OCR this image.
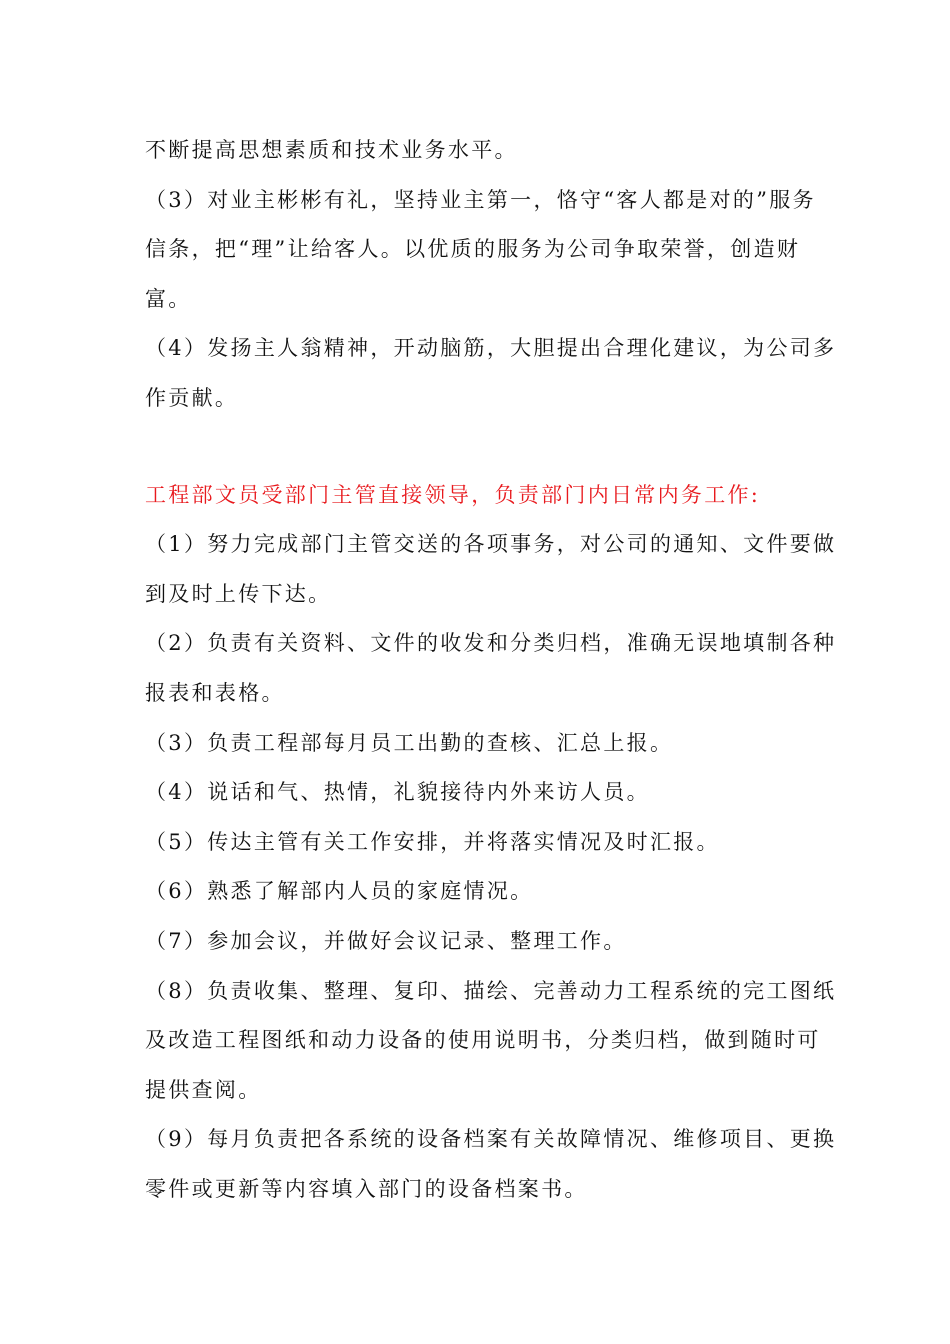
不断提高思想素质和技术业务水平。
（3）对业主彬彬有礼，坚持业主第一，恪守“客人都是对的”服务
信条，把“理”让给客人。以优质的服务为公司争取荣誉，创造财
富。
（4）发扬主人翁精神，开动脑筋，大胆提出合理化建议，为公司多
作贡献。
工程部文员受部门主管直接领导，负责部门内日常内务工作:
（1）努力完成部门主管交送的各项事务，对公司的通知、文件要做
到及时上传下达。
（2）负责有关资料、文件的收发和分类归档，准确无误地填制各种
报表和表格。
（3）负责工程部每月员工出勤的查核、汇总上报。
（4）说话和气、热情，礼貌接待内外来访人员。
（5）传达主管有关工作安排，并将落实情况及时汇报。
（6）熟悉了解部内人员的家庭情况。
（7）参加会议，并做好会议记录、整理工作。
（8）负责收集、整理、复印、描绘、完善动力工程系统的完工图纸
及改造工程图纸和动力设备的使用说明书，分类归档，做到随时可
提供查阅。
（9）每月负责把各系统的设备档案有关故障情况、维修项目、更换
零件或更新等内容填入部门的设备档案书。
